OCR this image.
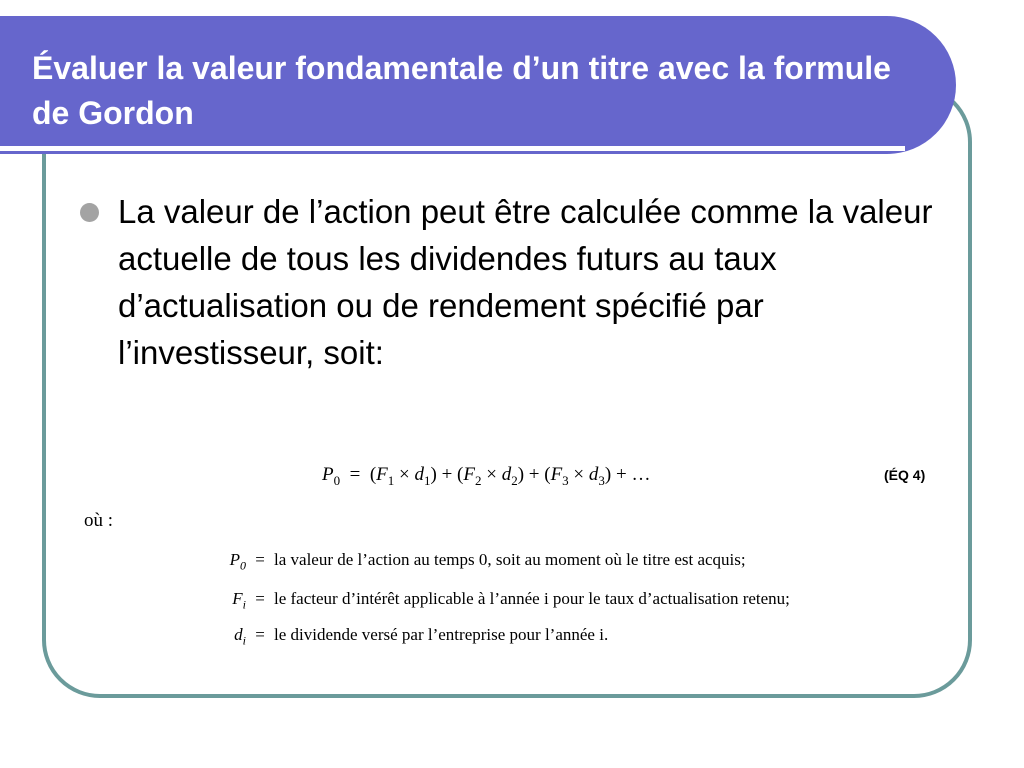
Évaluer la valeur fondamentale d’un titre avec la formule de Gordon

La valeur de l’action peut être calculée comme la valeur actuelle de tous les dividendes futurs au taux d’actualisation ou de rendement spécifié par l’investisseur, soit:

$P_0 = (F_1 \times d_1) + (F_2 \times d_2) + (F_3 \times d_3)$ + …	(ÉQ 4)
où :
$P_0$ = la valeur de l’action au temps 0, soit au moment où le titre est acquis;
$F_i$ = le facteur d’intérêt applicable à l’année i pour le taux d’actualisation retenu;
$d_i$ = le dividende versé par l’entreprise pour l’année i.
